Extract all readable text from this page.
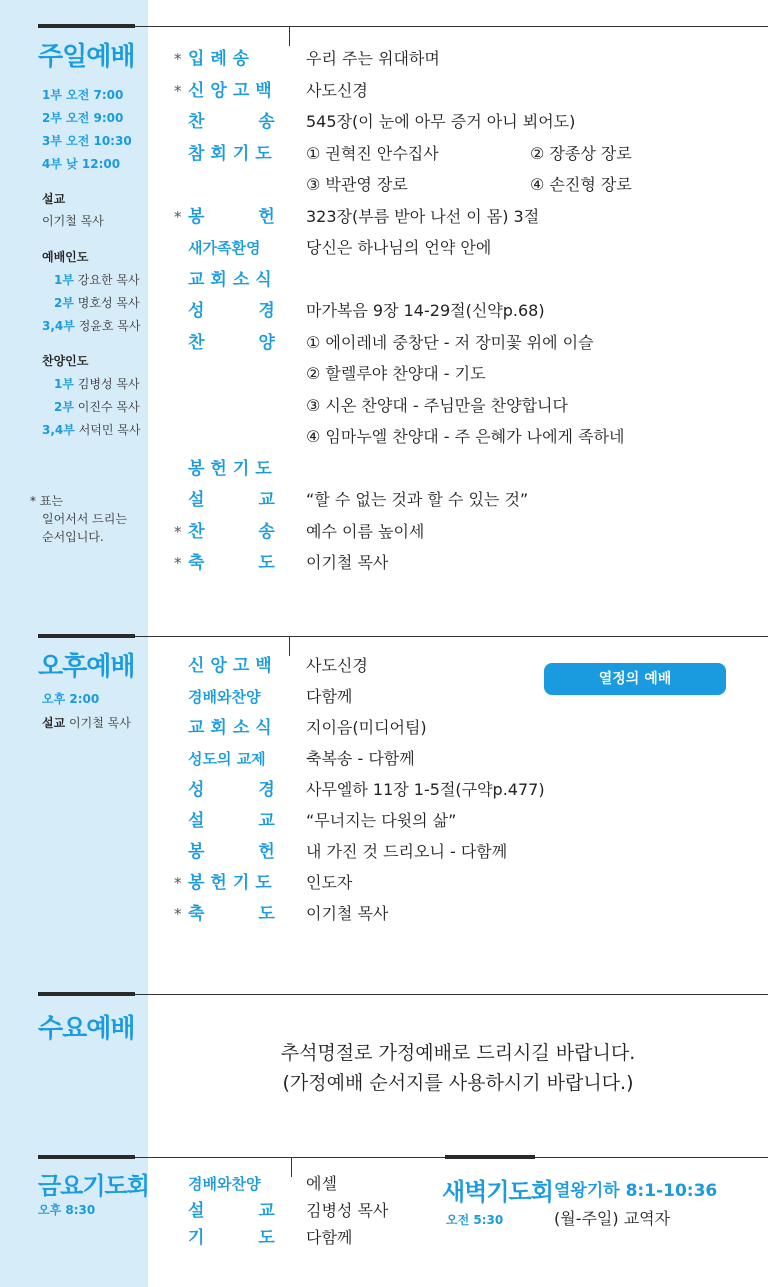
주일예배
1부 오전 7:00
2부 오전 9:00
3부 오전 10:30
4부 낮 12:00
설교
이기철 목사
예배인도
1부 강요한 목사
2부 명호성 목사
3,4부 정윤호 목사
찬양인도
1부 김병성 목사
2부 이진수 목사
3,4부 서덕민 목사
* 표는
일어서서 드리는
순서입니다.
* 입 례 송	우리 주는 위대하며
* 신앙고백 사도신경
찬 송 545장(이 눈에 아무 증거 아니 뵈어도)
참회기도 ① 권혁진 안수집사	② 장종상 장로
③ 박관영 장로	④ 손진형 장로
* 봉 헌 323장(부름 받아 나선 이 몸) 3절
새가족환영	당신은 하나님의 언약 안에
교회소식
성 경 마가복음 9장 14-29절(신약p.68)
찬 양 ① 에이레네 중창단 - 저 장미꽃 위에 이슬
② 할렐루야 찬양대 - 기도
③ 시온 찬양대 - 주님만을 찬양합니다
④ 임마누엘 찬양대 - 주 은혜가 나에게 족하네
봉헌기도
설 교 “할 수 없는 것과 할 수 있는 것”
* 찬 송 예수 이름 높이세
* 축 도 이기철 목사
오후예배
오후 2:00
설교 이기철 목사
열정의 예배
신앙고백 사도신경
경배와찬양	다함께
교회소식 지이음(미디어팀)
성도의 교제	축복송 - 다함께
성 경 사무엘하 11장 1-5절(구약p.477)
설 교 “무너지는 다윗의 삶”
봉 헌 내 가진 것 드리오니 - 다함께
* 봉헌기도 인도자
* 축 도 이기철 목사
수요예배
추석명절로 가정예배로 드리시길 바랍니다.
(가정예배 순서지를 사용하시기 바랍니다.)
금요기도회
오후 8:30
경배와찬양	에셀
설 교 김병성 목사
기 도 다함께
새벽기도회
오전 5:30
열왕기하 8:1-10:36
(월-주일) 교역자
